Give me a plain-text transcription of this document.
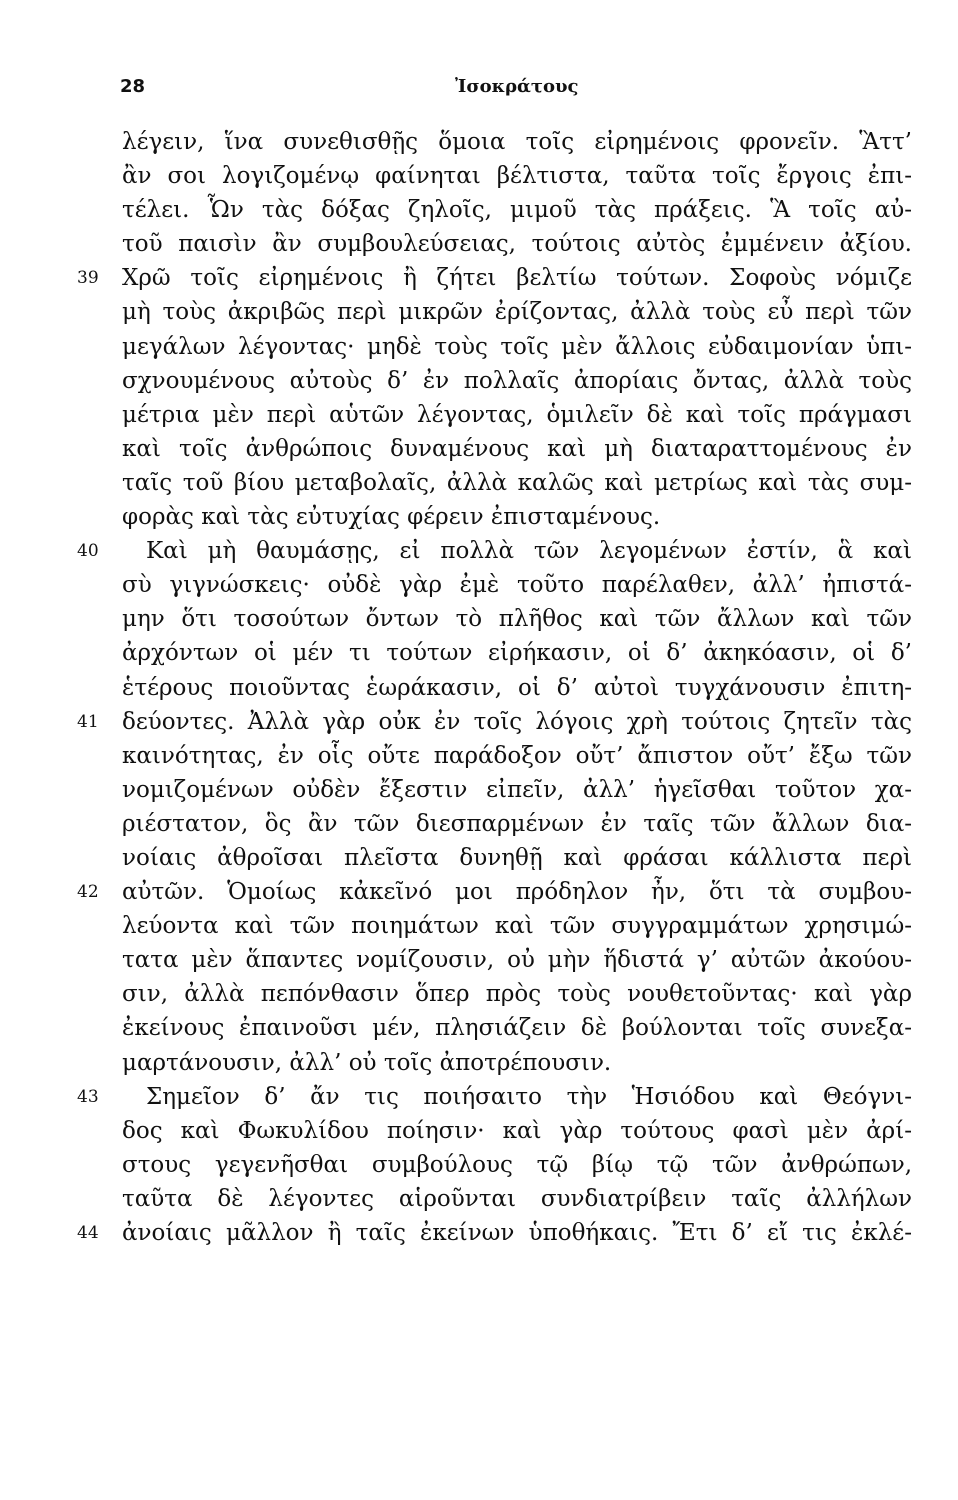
28	Ἰσοκράτους
λέγειν, ἵνα συνεθισθῇς ὅμοια τοῖς εἰρημένοις φρονεῖν. Ἃττ’
ἂν σοι λογιζομένῳ φαίνηται βέλτιστα, ταῦτα τοῖς ἔργοις ἐπι-
τέλει. Ὧν τὰς δόξας ζηλοῖς, μιμοῦ τὰς πράξεις. Ἃ τοῖς αὐ-
τοῦ παισὶν ἂν συμβουλεύσειας, τούτοις αὐτὸς ἐμμένειν ἀξίου.
39 Χρῶ τοῖς εἰρημένοις ἢ ζήτει βελτίω τούτων. Σοφοὺς νόμιζε
μὴ τοὺς ἀκριβῶς περὶ μικρῶν ἐρίζοντας, ἀλλὰ τοὺς εὖ περὶ τῶν
μεγάλων λέγοντας· μηδὲ τοὺς τοῖς μὲν ἄλλοις εὐδαιμονίαν ὑπι-
σχνουμένους αὐτοὺς δ’ ἐν πολλαῖς ἀπορίαις ὄντας, ἀλλὰ τοὺς
μέτρια μὲν περὶ αὑτῶν λέγοντας, ὁμιλεῖν δὲ καὶ τοῖς πράγμασι
καὶ τοῖς ἀνθρώποις δυναμένους καὶ μὴ διαταραττομένους ἐν
ταῖς τοῦ βίου μεταβολαῖς, ἀλλὰ καλῶς καὶ μετρίως καὶ τὰς συμ-
φορὰς καὶ τὰς εὐτυχίας φέρειν ἐπισταμένους.
40 Καὶ μὴ θαυμάσῃς, εἰ πολλὰ τῶν λεγομένων ἐστίν, ἃ καὶ
σὺ γιγνώσκεις· οὐδὲ γὰρ ἐμὲ τοῦτο παρέλαθεν, ἀλλ’ ἠπιστά-
μην ὅτι τοσούτων ὄντων τὸ πλῆθος καὶ τῶν ἄλλων καὶ τῶν
ἀρχόντων οἱ μέν τι τούτων εἰρήκασιν, οἱ δ’ ἀκηκόασιν, οἱ δ’
ἑτέρους ποιοῦντας ἑωράκασιν, οἱ δ’ αὐτοὶ τυγχάνουσιν ἐπιτη-
41 δεύοντες. Ἀλλὰ γὰρ οὐκ ἐν τοῖς λόγοις χρὴ τούτοις ζητεῖν τὰς
καινότητας, ἐν οἷς οὔτε παράδοξον οὔτ’ ἄπιστον οὔτ’ ἔξω τῶν
νομιζομένων οὐδὲν ἔξεστιν εἰπεῖν, ἀλλ’ ἡγεῖσθαι τοῦτον χα-
ριέστατον, ὃς ἂν τῶν διεσπαρμένων ἐν ταῖς τῶν ἄλλων δια-
νοίαις ἀθροῖσαι πλεῖστα δυνηθῇ καὶ φράσαι κάλλιστα περὶ
42 αὐτῶν. Ὁμοίως κἀκεῖνό μοι πρόδηλον ἦν, ὅτι τὰ συμβου-
λεύοντα καὶ τῶν ποιημάτων καὶ τῶν συγγραμμάτων χρησιμώ-
τατα μὲν ἅπαντες νομίζουσιν, οὐ μὴν ἥδιστά γ’ αὐτῶν ἀκούου-
σιν, ἀλλὰ πεπόνθασιν ὅπερ πρὸς τοὺς νουθετοῦντας· καὶ γὰρ
ἐκείνους ἐπαινοῦσι μέν, πλησιάζειν δὲ βούλονται τοῖς συνεξα-
μαρτάνουσιν, ἀλλ’ οὐ τοῖς ἀποτρέπουσιν.
43 Σημεῖον δ’ ἄν τις ποιήσαιτο τὴν Ἡσιόδου καὶ Θεόγνι-
δος καὶ Φωκυλίδου ποίησιν· καὶ γὰρ τούτους φασὶ μὲν ἀρί-
στους γεγενῆσθαι συμβούλους τῷ βίῳ τῷ τῶν ἀνθρώπων,
ταῦτα δὲ λέγοντες αἱροῦνται συνδιατρίβειν ταῖς ἀλλήλων
44 ἀνοίαις μᾶλλον ἢ ταῖς ἐκείνων ὑποθήκαις. Ἔτι δ’ εἴ τις ἐκλέ-
